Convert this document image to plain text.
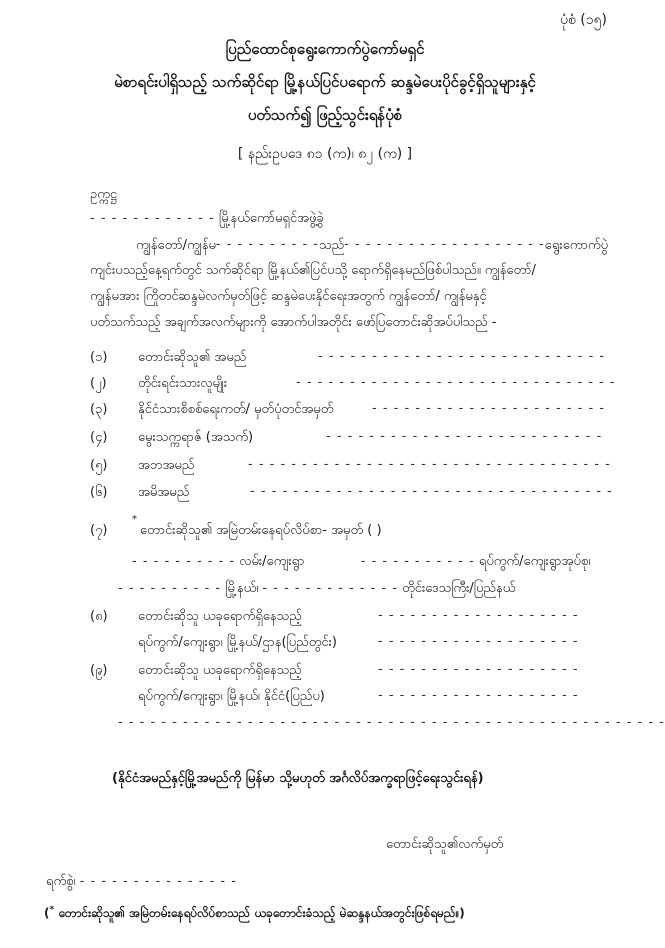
ပုံစံ (၁၅)
ပြည်ထောင်စုရွေးကောက်ပွဲကော်မရှင်
မဲစာရင်းပါရှိသည့် သက်ဆိုင်ရာ မြို့နယ်ပြင်ပရောက် ဆန္ဒမဲပေးပိုင်ခွင့်ရှိသူများနှင့်
ပတ်သက်၍ ဖြည့်သွင်းရန်ပုံစံ
[ နည်းဥပဒေ ၈၁ (က)၊ ၈၂ (က) ]
ဥက္ကဋ္ဌ
- - - - - - - - - - - - မြို့နယ်ကော်မရှင်အဖွဲ့ခွဲ
ကျွန်တော်/ကျွန်မ - - - - - - - - - - သည် - - - - - - - - - - - - - - - - - - - ရွေးကောက်ပွဲ
ကျင်းပသည့်နေ့ရက်တွင် သက်ဆိုင်ရာ မြို့နယ်၏ပြင်ပသို့ ရောက်ရှိနေမည်ဖြစ်ပါသည်။ ကျွန်တော်/
ကျွန်မအား ကြိုတင်ဆန္ဒမဲလက်မှတ်ဖြင့် ဆန္ဒမဲပေးနိုင်ရေးအတွက် ကျွန်တော်/ ကျွန်မနှင့်
ပတ်သက်သည့် အချက်အလက်များကို အောက်ပါအတိုင်း ဖော်ပြတောင်းဆိုအပ်ပါသည် -
(၁) တောင်းဆိုသူ၏ အမည်	- - - - - - - - - - - - - - - - - - - - - - - - - - -
(၂) တိုင်းရင်းသားလူမျိုး	- - - - - - - - - - - - - - - - - - - - - - - - - - - - - -
(၃) နိုင်ငံသားစိစစ်ရေးကတ်/ မှတ်ပုံတင်အမှတ်	- - - - - - - - - - - - - - - - - - - - - -
(၄) မွေးသက္ကရာဇ် (အသက်)	- - - - - - - - - - - - - - - - - - - - - - - - - -
(၅) အဘအမည်	- - - - - - - - - - - - - - - - - - - - - - - - - - - - - - - - - -
(၆) အမိအမည်	- - - - - - - - - - - - - - - - - - - - - - - - - - - - - - - - - -
(၇)
*
တောင်းဆိုသူ၏ အမြဲတမ်းနေရပ်လိပ်စာ- အမှတ် ( )
- - - - - - - - - - လမ်း/ကျေးရွာ	- - - - - - - - - - - ရပ်ကွက်/ကျေးရွာအုပ်စု၊
- - - - - - - - - - မြို့နယ်၊ - - - - - - - - - - - - - တိုင်းဒေသကြီး/ပြည်နယ်
(၈) တောင်းဆိုသူ ယခုရောက်ရှိနေသည့်	- - - - - - - - - - - - - - - - - - -
ရပ်ကွက်/ကျေးရွာ၊ မြို့နယ်/ဌာန(ပြည်တွင်း)	- - - - - - - - - - - - - - - - - - -
(၉) တောင်းဆိုသူ ယခုရောက်ရှိနေသည့်	- - - - - - - - - - - - - - - - - - -
ရပ်ကွက်/ကျေးရွာ၊ မြို့နယ်၊ နိုင်ငံ(ပြည်ပ)	- - - - - - - - - - - - - - - - - - -
- - - - - - - - - - - - - - - - - - - - - - - - - - - - - - - - - - - - - - - - - - - - - - - - - - -
(နိုင်ငံအမည်နှင့်မြို့အမည်ကို မြန်မာ သို့မဟုတ် အင်္ဂလိပ်အက္ခရာဖြင့်ရေးသွင်းရန်)
တောင်းဆိုသူ၏လက်မှတ်
ရက်စွဲ၊ - - - - - - - - - - - - - - -
(* တောင်းဆိုသူ၏ အမြဲတမ်းနေရပ်လိပ်စာသည် ယခုတောင်းခံသည့် မဲဆန္ဒနယ်အတွင်းဖြစ်ရမည်။)
